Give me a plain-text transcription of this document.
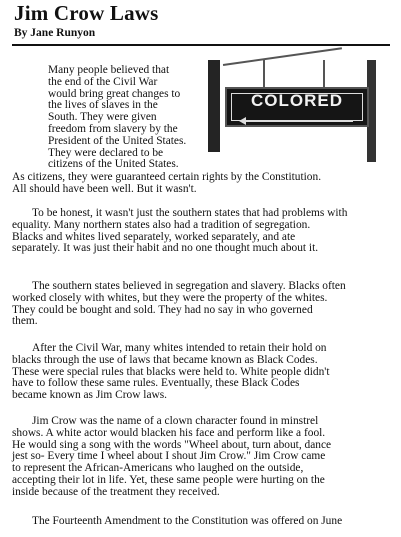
Jim Crow Laws
By Jane Runyon
COLORED
Many people believed that
the end of the Civil War
would bring great changes to
the lives of slaves in the
South. They were given
freedom from slavery by the
President of the United States.
They were declared to be
citizens of the United States.
As citizens, they were guaranteed certain rights by the Constitution.
All should have been well. But it wasn't.
To be honest, it wasn't just the southern states that had problems with
equality. Many northern states also had a tradition of segregation.
Blacks and whites lived separately, worked separately, and ate
separately. It was just their habit and no one thought much about it.
The southern states believed in segregation and slavery. Blacks often
worked closely with whites, but they were the property of the whites.
They could be bought and sold. They had no say in who governed
them.
After the Civil War, many whites intended to retain their hold on
blacks through the use of laws that became known as Black Codes.
These were special rules that blacks were held to. White people didn't
have to follow these same rules. Eventually, these Black Codes
became known as Jim Crow laws.
Jim Crow was the name of a clown character found in minstrel
shows. A white actor would blacken his face and perform like a fool.
He would sing a song with the words "Wheel about, turn about, dance
jest so- Every time I wheel about I shout Jim Crow." Jim Crow came
to represent the African-Americans who laughed on the outside,
accepting their lot in life. Yet, these same people were hurting on the
inside because of the treatment they received.
The Fourteenth Amendment to the Constitution was offered on June
